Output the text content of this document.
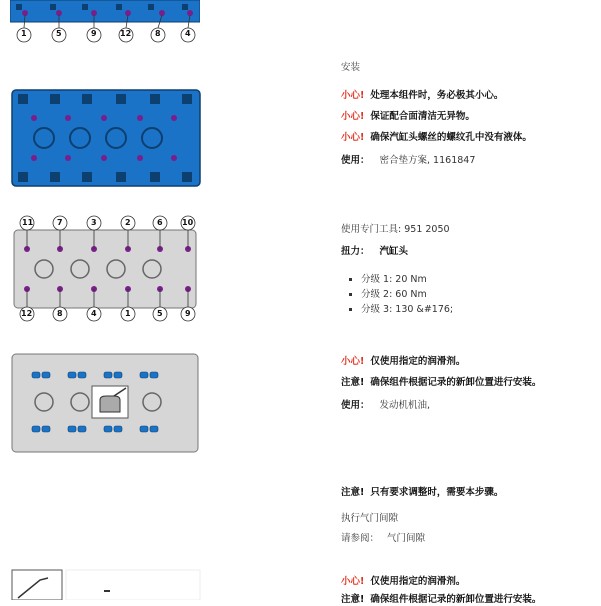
1	5	9	12	8	4
11	7	3	2	6 10
12	8	4	1	5	9
安装
小心! 处理本组件时，务必极其小心。
小心! 保证配合面清洁无异物。
小心! 确保汽缸头螺丝的螺纹孔中没有液体。
使用： 密合垫方案, 1161847
使用专门工具: 951 2050
扭力： 汽缸头
▪ 分级 1: 20 Nm
▪ 分级 2: 60 Nm
▪ 分级 3: 130 &#176;
小心! 仅使用指定的润滑剂。
注意! 确保组件根据记录的新卸位置进行安装。
使用： 发动机机油,
注意! 只有要求调整时，需要本步骤。
执行气门间隙
请参阅： 气门间隙
小心! 仅使用指定的润滑剂。
注意! 确保组件根据记录的新卸位置进行安装。
